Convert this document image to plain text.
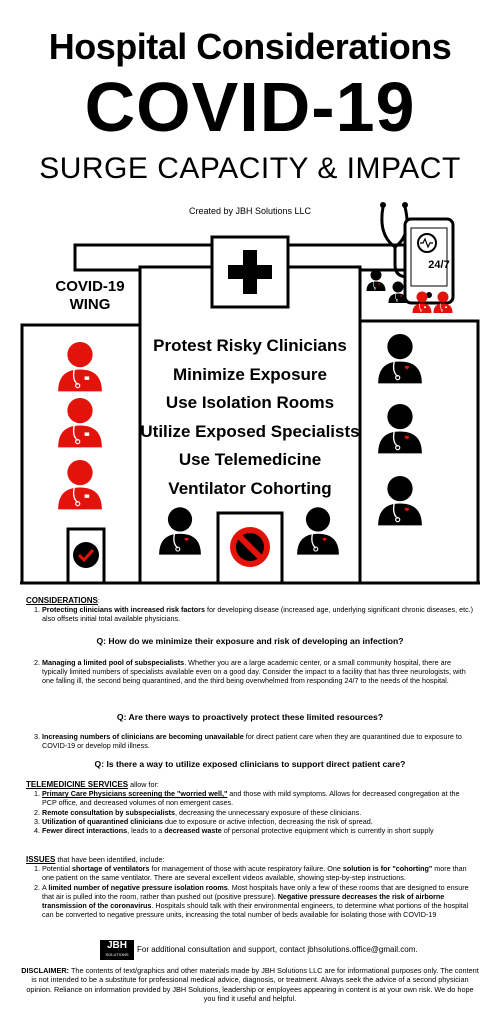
Hospital Considerations
COVID-19
SURGE CAPACITY & IMPACT
Created by JBH Solutions LLC
24/7
COVID-19
WING
Protest Risky Clinicians
Minimize Exposure
Use Isolation Rooms
Utilize Exposed Specialists
Use Telemedicine
Ventilator Cohorting
CONSIDERATIONS:
1. Protecting clinicians with increased risk factors for developing disease (increased age, underlying significant chronic diseases, etc.) also offsets initial total available physicians.
Q: How do we minimize their exposure and risk of developing an infection?
2. Managing a limited pool of subspecialists. Whether you are a large academic center, or a small community hospital, there are typically limited numbers of specialists available even on a good day. Consider the impact to a facility that has three neurologists, with one falling ill, the second being quarantined, and the third being overwhelmed from responding 24/7 to the needs of the hospital.
Q: Are there ways to proactively protect these limited resources?
3. Increasing numbers of clinicians are becoming unavailable for direct patient care when they are quarantined due to exposure to COVID-19 or develop mild illness.
Q: Is there a way to utilize exposed clinicians to support direct patient care?
TELEMEDICINE SERVICES allow for:
1. Primary Care Physicians screening the "worried well," and those with mild symptoms. Allows for decreased congregation at the PCP office, and decreased volumes of non emergent cases.
2. Remote consultation by subspecialists, decreasing the unnecessary exposure of these clinicians.
3. Utilization of quarantined clinicians due to exposure or active infection, decreasing the risk of spread.
4. Fewer direct interactions, leads to a decreased waste of personal protective equipment which is currently in short supply
ISSUES that have been identified, include:
1. Potential shortage of ventilators for management of those with acute respiratory failure. One solution is for "cohorting" more than one patient on the same ventilator. There are several excellent videos available, showing step-by-step instructions.
2. A limited number of negative pressure isolation rooms. Most hospitals have only a few of these rooms that are designed to ensure that air is pulled into the room, rather than pushed out (positive pressure). Negative pressure decreases the risk of airborne transmission of the coronavirus. Hospitals should talk with their environmental engineers, to determine what portions of the hospital can be converted to negative pressure units, increasing the total number of beds available for isolating those with COVID-19
JBH
SOLUTIONS
For additional consultation and support, contact jbhsolutions.office@gmail.com.
DISCLAIMER: The contents of text/graphics and other materials made by JBH Solutions LLC are for informational purposes only. The content is not intended to be a substitute for professional medical advice, diagnosis, or treatment. Always seek the advice of a second physician opinion. Reliance on information provided by JBH Solutions, leadership or employees appearing in content is at your own risk. We do hope you find it useful and helpful.
